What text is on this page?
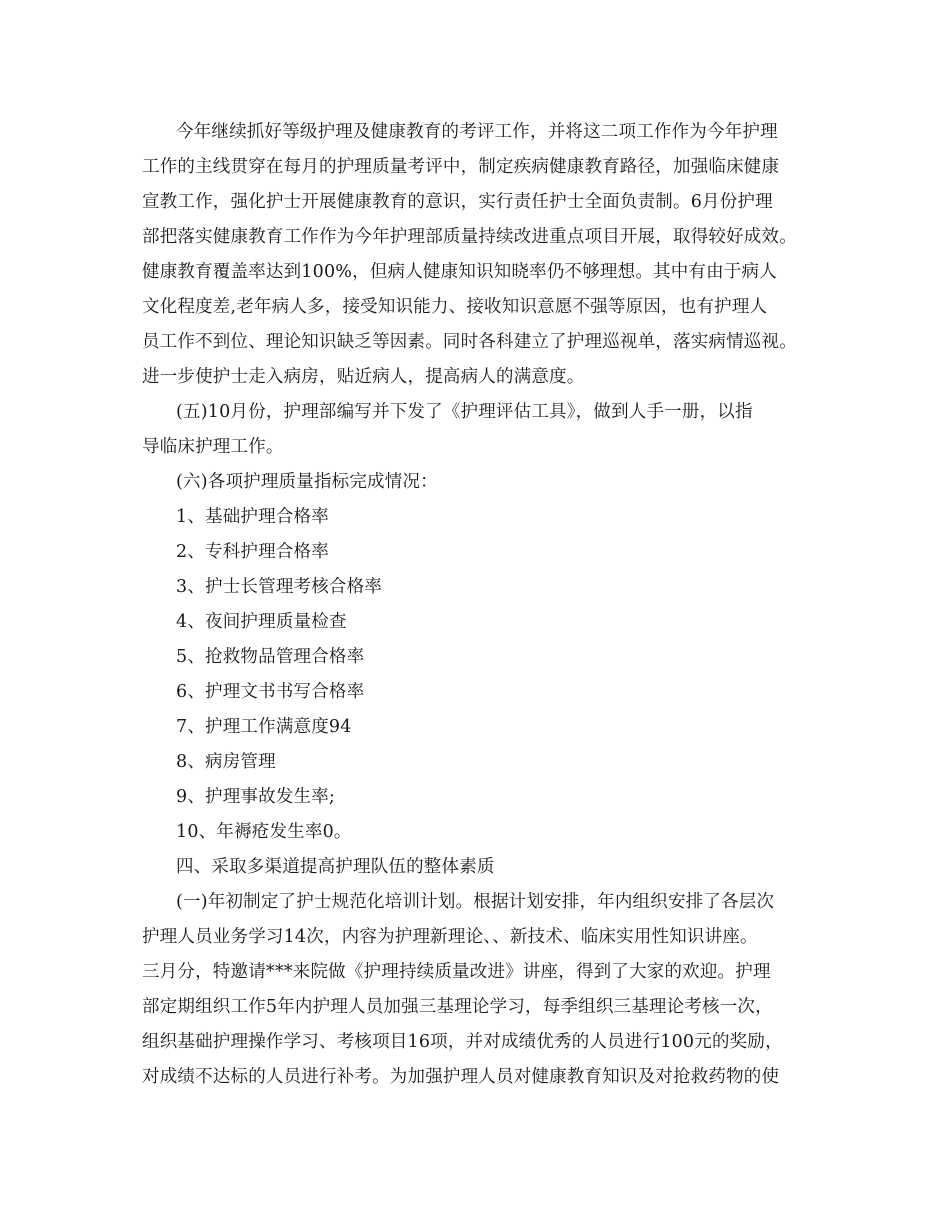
今年继续抓好等级护理及健康教育的考评工作，并将这二项工作作为今年护理
工作的主线贯穿在每月的护理质量考评中，制定疾病健康教育路径，加强临床健康
宣教工作，强化护士开展健康教育的意识，实行责任护士全面负责制。6月份护理
部把落实健康教育工作作为今年护理部质量持续改进重点项目开展，取得较好成效。
健康教育覆盖率达到100%，但病人健康知识知晓率仍不够理想。其中有由于病人
文化程度差,老年病人多，接受知识能力、接收知识意愿不强等原因，也有护理人
员工作不到位、理论知识缺乏等因素。同时各科建立了护理巡视单，落实病情巡视。
进一步使护士走入病房，贴近病人，提高病人的满意度。
(五)10月份，护理部编写并下发了《护理评估工具》，做到人手一册，以指
导临床护理工作。
(六)各项护理质量指标完成情况：
1、基础护理合格率
2、专科护理合格率
3、护士长管理考核合格率
4、夜间护理质量检查
5、抢救物品管理合格率
6、护理文书书写合格率
7、护理工作满意度94
8、病房管理
9、护理事故发生率;
10、年褥疮发生率0。
四、采取多渠道提高护理队伍的整体素质
(一)年初制定了护士规范化培训计划。根据计划安排，年内组织安排了各层次
护理人员业务学习14次，内容为护理新理论、、新技术、临床实用性知识讲座。
三月分，特邀请***来院做《护理持续质量改进》讲座，得到了大家的欢迎。护理
部定期组织工作5年内护理人员加强三基理论学习，每季组织三基理论考核一次，
组织基础护理操作学习、考核项目16项，并对成绩优秀的人员进行100元的奖励，
对成绩不达标的人员进行补考。为加强护理人员对健康教育知识及对抢救药物的使
